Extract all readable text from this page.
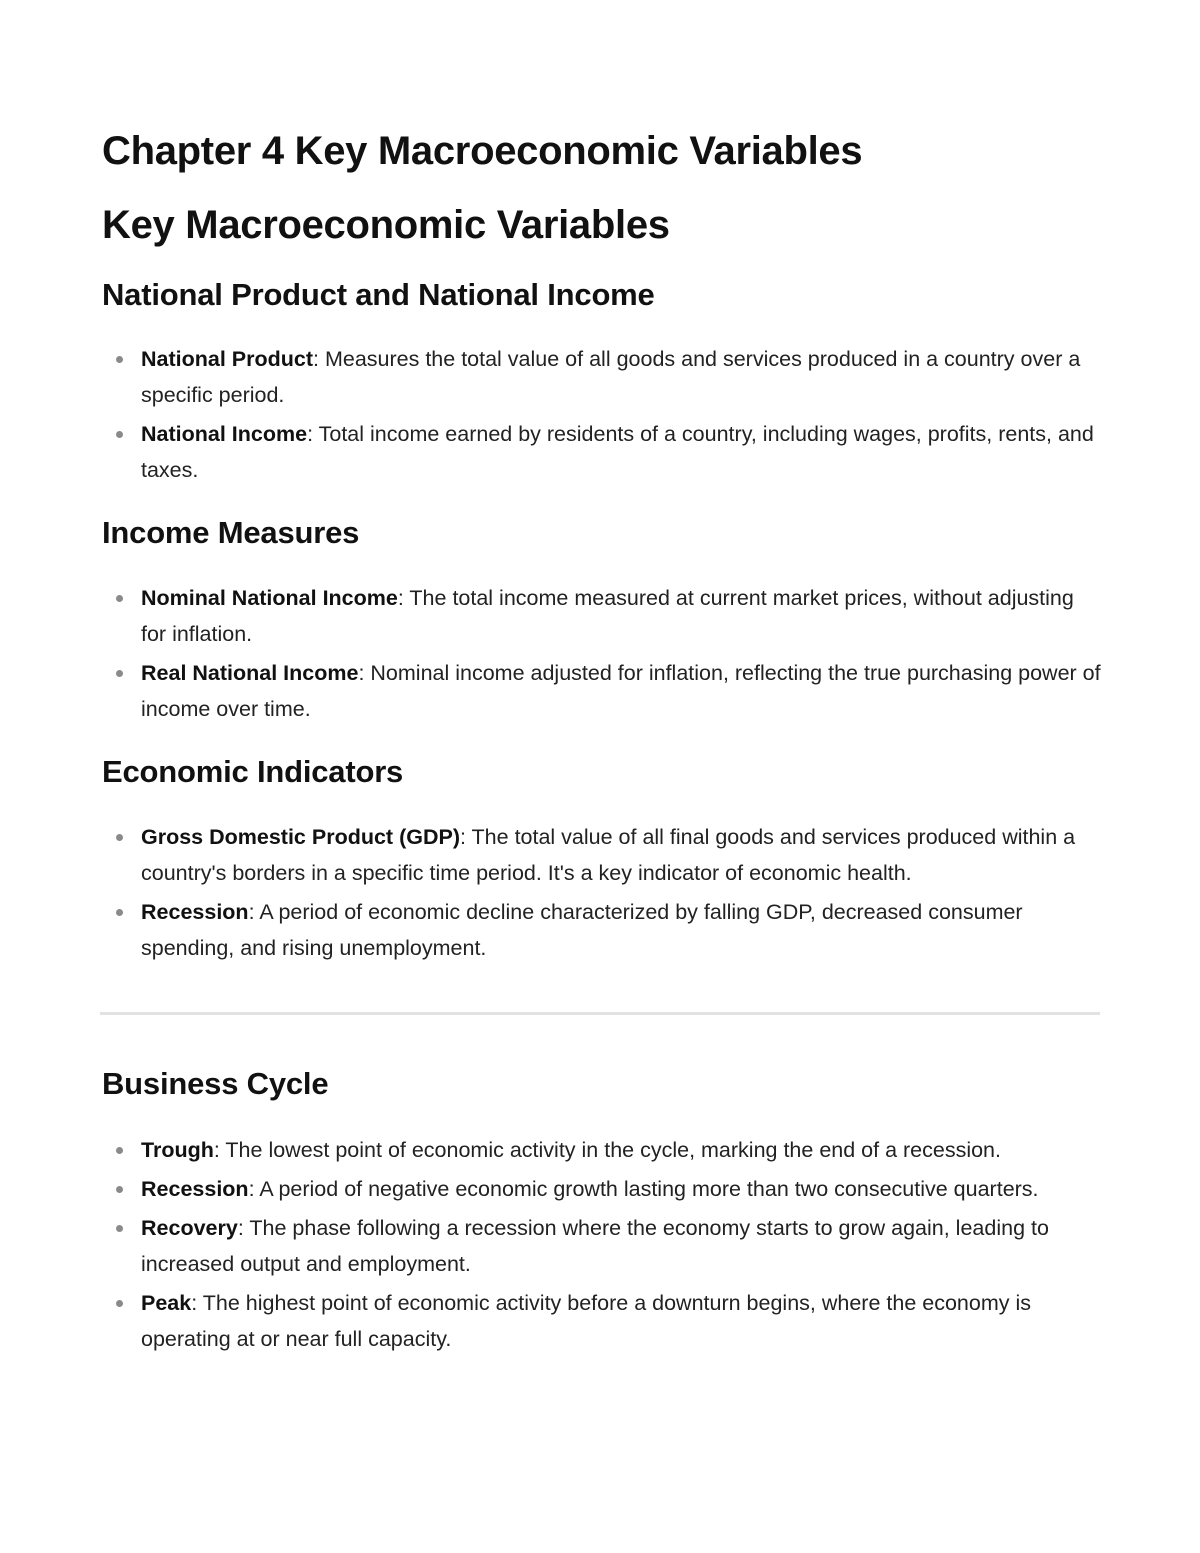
Chapter 4 Key Macroeconomic Variables
Key Macroeconomic Variables
National Product and National Income
National Product: Measures the total value of all goods and services produced in a country over a specific period.
National Income: Total income earned by residents of a country, including wages, profits, rents, and taxes.
Income Measures
Nominal National Income: The total income measured at current market prices, without adjusting for inflation.
Real National Income: Nominal income adjusted for inflation, reflecting the true purchasing power of income over time.
Economic Indicators
Gross Domestic Product (GDP): The total value of all final goods and services produced within a country's borders in a specific time period. It's a key indicator of economic health.
Recession: A period of economic decline characterized by falling GDP, decreased consumer spending, and rising unemployment.
Business Cycle
Trough: The lowest point of economic activity in the cycle, marking the end of a recession.
Recession: A period of negative economic growth lasting more than two consecutive quarters.
Recovery: The phase following a recession where the economy starts to grow again, leading to increased output and employment.
Peak: The highest point of economic activity before a downturn begins, where the economy is operating at or near full capacity.
